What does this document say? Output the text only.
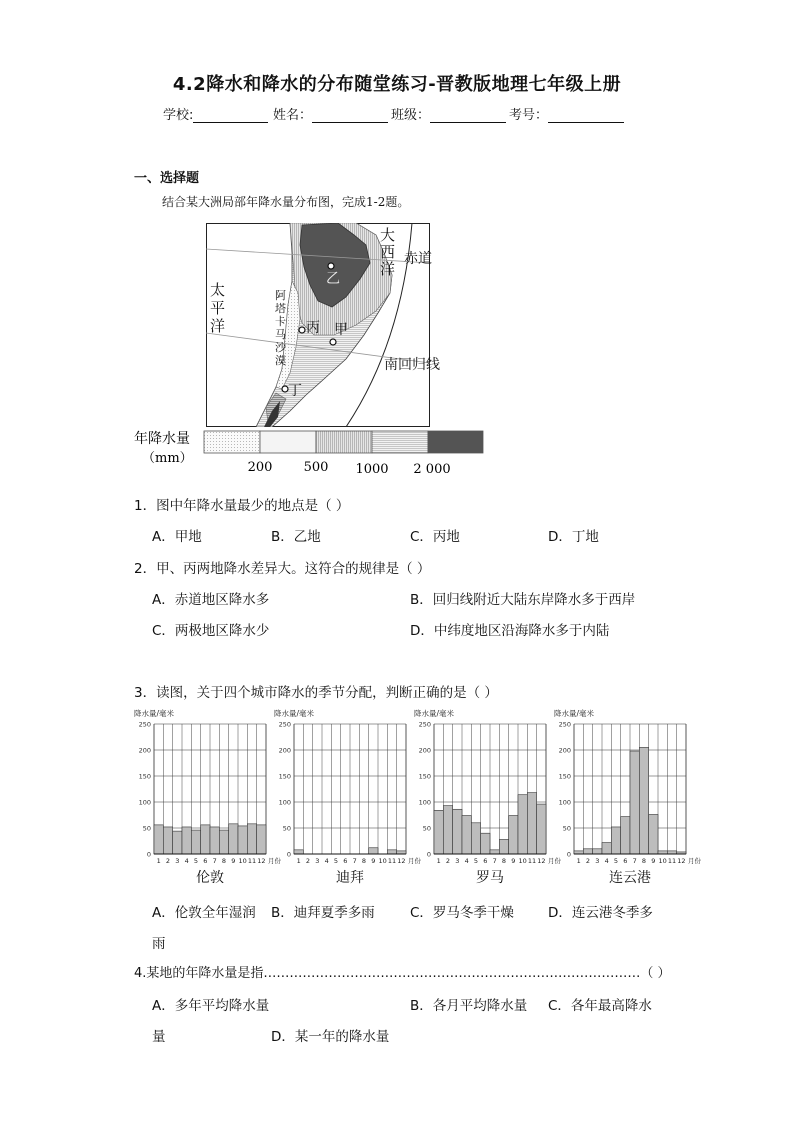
4.2降水和降水的分布随堂练习-晋教版地理七年级上册
学校:	姓名：	班级：	考号：
一、选择题
结合某大洲局部年降水量分布图，完成1-2题。
大
西
洋
赤道
太
平
洋
阿
塔
卡
马
沙
漠	南回归线
乙
丙 甲
丁
年降水量
（mm）
200 500 1000 2 000
1．图中年降水量最少的地点是（ ）
A．甲地	B．乙地	C．丙地	D．丁地
2．甲、丙两地降水差异大。这符合的规律是（ ）
A．赤道地区降水多	B．回归线附近大陆东岸降水多于西岸
C．两极地区降水少	D．中纬度地区沿海降水多于内陆
3．读图，关于四个城市降水的季节分配，判断正确的是（ ）
降水量/毫米
0
50
100
150
200
250
1 2 3 4 5 6 7 8 9 10 11 12 月份
伦敦
降水量/毫米
0
50
100
150
200
250
1 2 3 4 5 6 7 8 9 10 11 12 月份
迪拜
降水量/毫米
0
50
100
150
200
250
1 2 3 4 5 6 7 8 9 10 11 12 月份
罗马
降水量/毫米
0
50
100
150
200
250
1 2 3 4 5 6 7 8 9 10 11 12 月份
连云港
A．伦敦全年湿润 B．迪拜夏季多雨	C．罗马冬季干燥	D．连云港冬季多
雨
4.某地的年降水量是指……………………………………………………………………………（ ）
A．多年平均降水量	B．各月平均降水量 C．各年最高降水
量	D．某一年的降水量
